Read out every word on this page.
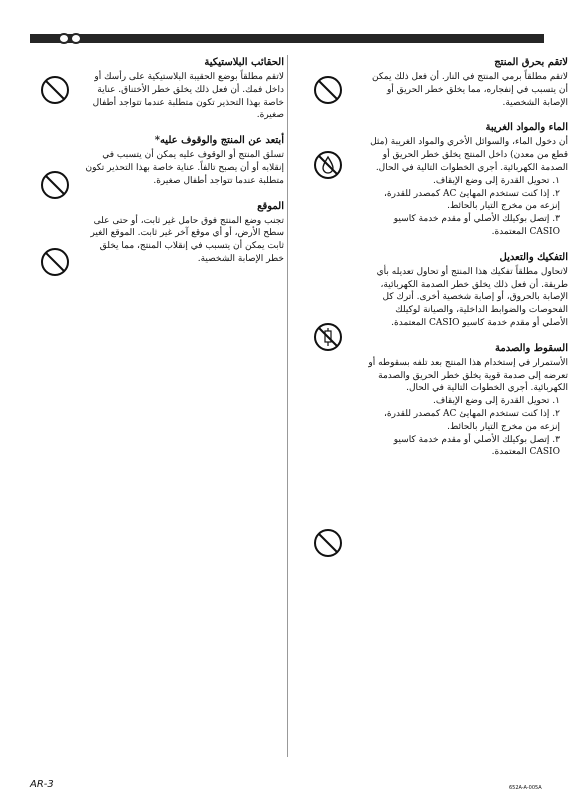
لاتقم بحرق المنتج
لاتقم مطلقاً برمي المنتج في النار. أن فعل ذلك يمكن أن يتسبب في إنفجاره، مما يخلق خطر الحريق أو الإصابة الشخصية.
الماء والمواد الغريبة
أن دخول الماء، والسوائل الأخري والمواد الغريبة (مثل قطع من معدن) داخل المنتج يخلق خطر الحريق أو الصدمة الكهربائية. أجري الخطوات التالية في الحال.
١. تحويل القدرة إلى وضع الإيقاف.
٢. إذا كنت تستخدم المهايئ AC كمصدر للقدرة، إنزعه من مخرج التيار بالحائط.
٣. إتصل بوكيلك الأصلي أو مقدم خدمة كاسيو CASIO المعتمدة.
التفكيك والتعديل
لاتحاول مطلقاً تفكيك هذا المنتج أو تحاول تعديله بأي طريقة. أن فعل ذلك يخلق خطر الصدمة الكهربائية، الإصابة بالحروق، أو إصابة شخصية أخرى. أترك كل الفحوصات والضوابط الداخلية، والصيانة لوكيلك الأصلي أو مقدم خدمة كاسيو CASIO المعتمدة.
السقوط والصدمة
الأستمرار في إستخدام هذا المنتج بعد تلفه بسقوطه أو تعرضه إلى صدمة قوية يخلق خطر الحريق والصدمة الكهربائية. أجري الخطوات التالية في الحال.
١. تحويل القدرة إلى وضع الإيقاف.
٢. إذا كنت تستخدم المهايئ AC كمصدر للقدرة، إنزعه من مخرج التيار بالحائط.
٣. إتصل بوكيلك الأصلي أو مقدم خدمة كاسيو CASIO المعتمدة.
الحقائب البلاستيكية
لاتقم مطلقاً بوضع الحقيبة البلاستيكية على رأسك أو داخل فمك. أن فعل ذلك يخلق خطر الأختناق. عناية خاصة بهذا التحذير تكون متطلبة عندما تتواجد أطفال صغيرة.
أبتعد عن المنتج والوقوف عليه*
تسلق المنتج أو الوقوف عليه يمكن أن يتسبب في إنقلابه أو أن يصبح تالفاً. عناية خاصة بهذا التحذير تكون متطلبة عندما تتواجد أطفال صغيرة.
الموقع
تجنب وضع المنتج فوق حامل غير ثابت، أو حتى على سطح الأرض، أو أي موقع آخر غير ثابت. الموقع الغير ثابت يمكن أن يتسبب في إنقلاب المنتج، مما يخلق خطر الإصابة الشخصية.
AR-3	652A-A-005A
